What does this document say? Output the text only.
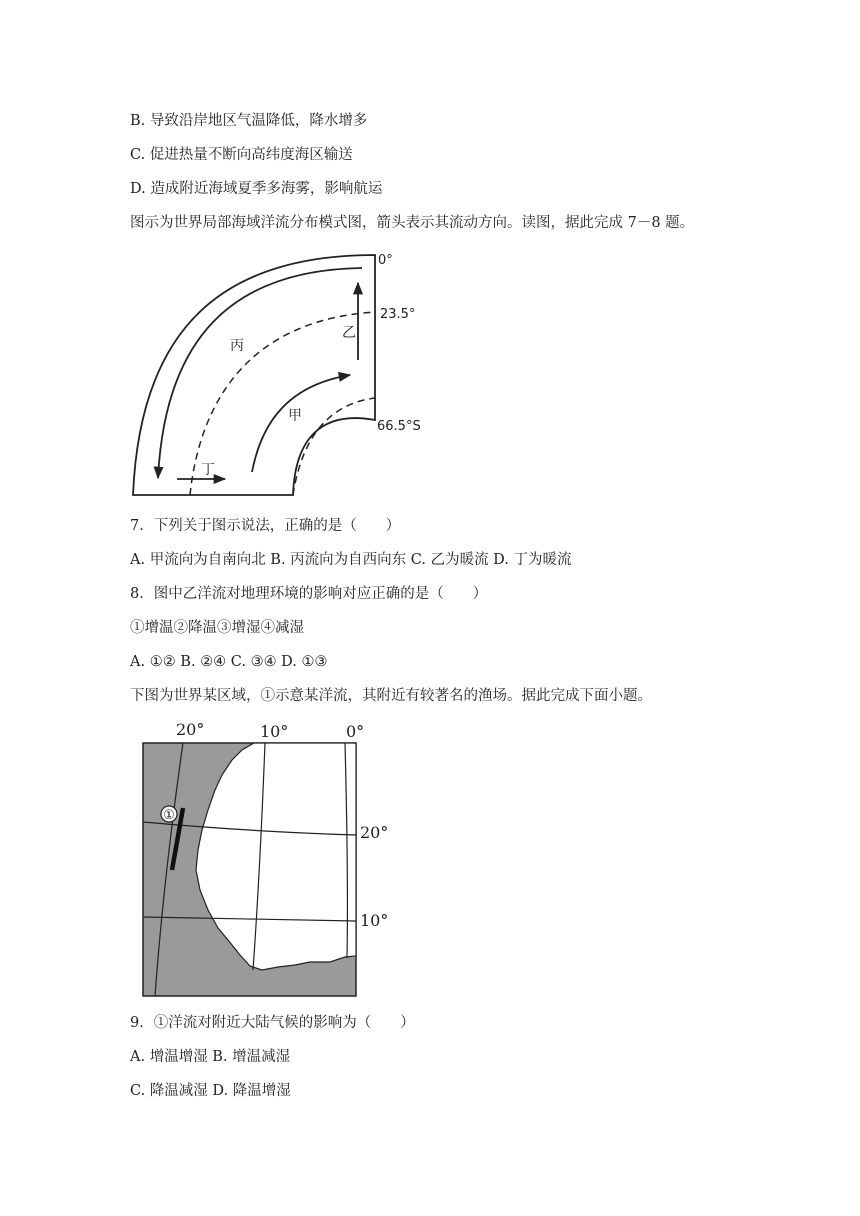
B. 导致沿岸地区气温降低，降水增多
C. 促进热量不断向高纬度海区输送
D. 造成附近海域夏季多海雾，影响航运
图示为世界局部海域洋流分布模式图，箭头表示其流动方向。读图，据此完成 7－8 题。
0°
23.5°
66.5°S
丙
乙
甲
丁
7．下列关于图示说法，正确的是（　　）
A. 甲流向为自南向北 B. 丙流向为自西向东 C. 乙为暖流 D. 丁为暖流
8．图中乙洋流对地理环境的影响对应正确的是（　　）
①增温②降温③增湿④减湿
A. ①② B. ②④ C. ③④ D. ①③
下图为世界某区域，①示意某洋流，其附近有较著名的渔场。据此完成下面小题。
①
20°	10°	0°
20°
10°
9．①洋流对附近大陆气候的影响为（　　）
A. 增温增湿 B. 增温减湿
C. 降温减湿 D. 降温增湿
